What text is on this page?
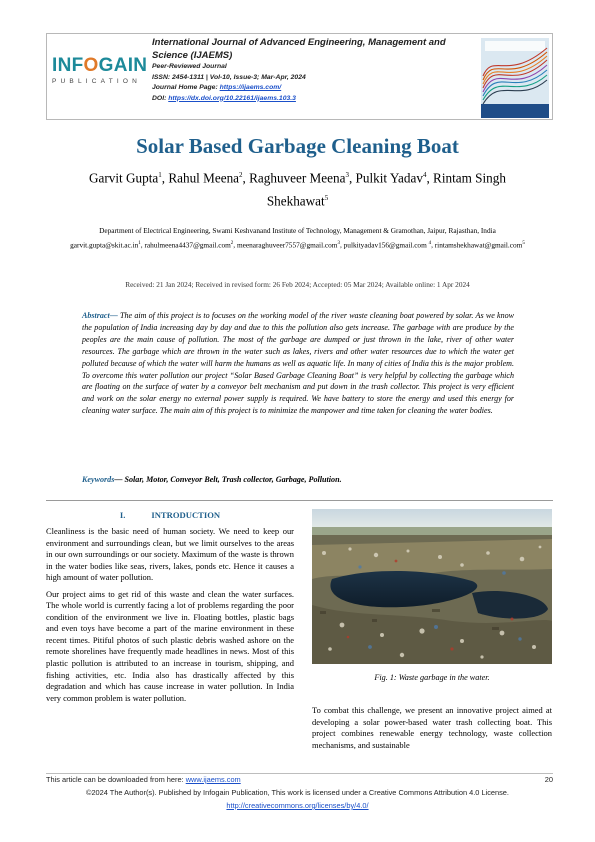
INFOGAIN
PUBLICATION
International Journal of Advanced Engineering, Management and Science (IJAEMS)
Peer-Reviewed Journal
ISSN: 2454-1311 | Vol-10, Issue-3; Mar-Apr, 2024
Journal Home Page: https://ijaems.com/
DOI: https://dx.doi.org/10.22161/ijaems.103.3
Solar Based Garbage Cleaning Boat
Garvit Gupta$^1$, Rahul Meena$^2$, Raghuveer Meena$^3$, Pulkit Yadav$^4$, Rintam Singh Shekhawat$^5$
Department of Electrical Engineering, Swami Keshvanand Institute of Technology, Management & Gramothan, Jaipur, Rajasthan, India
$garvit.gupta@skit.ac.in^1$, rahulmeena4437@gmail.com$^2$, meenaraghuveer7557@gmail.com$^3$, pulkityadav156@gmail.com $^4$, rintamshekhawat@gmail.com$^5$
Received: 21 Jan 2024; Received in revised form: 26 Feb 2024; Accepted: 05 Mar 2024; Available online: 1 Apr 2024
Abstract— The aim of this project is to focuses on the working model of the river waste cleaning boat powered by solar. As we know the population of India increasing day by day and due to this the pollution also gets increase. The garbage with are produce by the peoples are the main cause of pollution. The most of the garbage are dumped or just thrown in the lake, river of other water resources. The garbage which are thrown in the water such as lakes, rivers and other water resources due to which the water get polluted because of which the water will harm the humans as well as aquatic life. In many of cities of India this is the major problem. To overcome this water pollution our project “Solar Based Garbage Cleaning Boat” is very helpful by collecting the garbage which are floating on the surface of water by a conveyor belt mechanism and put down in the trash collector. This project is very efficient and work on the solar energy no external power supply is required. We have battery to store the energy and used this energy for cleaning water surface. The main aim of this project is to minimize the manpower and time taken for cleaning the water bodies.
Keywords— Solar, Motor, Conveyor Belt, Trash collector, Garbage, Pollution.
I.	INTRODUCTION

Cleanliness is the basic need of human society. We need to keep our environment and surroundings clean, but we limit ourselves to the areas in our own surroundings or our society. Maximum of the waste is thrown in the water bodies like seas, rivers, lakes, ponds etc. Hence it causes a high amount of water pollution.

Our project aims to get rid of this waste and clean the water surfaces. The whole world is currently facing a lot of problems regarding the poor condition of the environment we live in. Floating bottles, plastic bags and even toys have become a part of the marine environment in these recent times. Pitiful photos of such plastic debris washed ashore on the remote shorelines have frequently made headlines in news. Most of this plastic pollution is attributed to an increase in tourism, shipping, and fishing activities, etc. India also has drastically affected by this degradation and which has cause increase in water pollution. In India very common problem is water pollution.

Fig. 1: Waste garbage in the water.

To combat this challenge, we present an innovative project aimed at developing a solar power-based water trash collecting boat. This project combines renewable energy technology, waste collection mechanisms, and sustainable

This article can be downloaded from here: www.ijaems.com	20
©2024 The Author(s). Published by Infogain Publication, This work is licensed under a Creative Commons Attribution 4.0 License.
http://creativecommons.org/licenses/by/4.0/
